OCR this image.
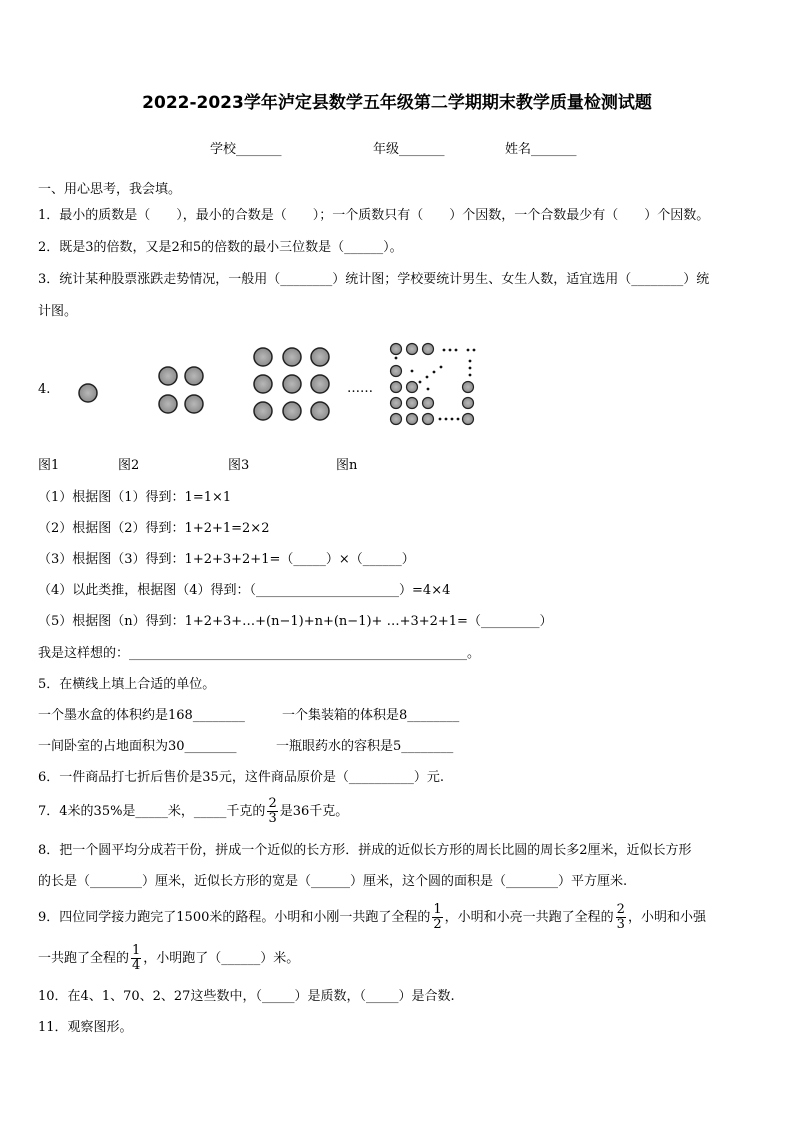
2022-2023学年泸定县数学五年级第二学期期末教学质量检测试题
学校_______	年级_______	姓名_______
一、用心思考，我会填。
1．最小的质数是（　　），最小的合数是（　　）；一个质数只有（　　）个因数，一个合数最少有（　　）个因数。
2．既是3的倍数，又是2和5的倍数的最小三位数是（______）。
3．统计某种股票涨跌走势情况，一般用（________）统计图；学校要统计男生、女生人数，适宜选用（________）统
计图。
4.	……
图1	图2	图3	图n
（1）根据图（1）得到：1=1×1
（2）根据图（2）得到：1+2+1=2×2
（3）根据图（3）得到：1+2+3+2+1=（_____）×（______）
（4）以此类推，根据图（4）得到：（______________________）=4×4
（5）根据图（n）得到：1+2+3+…+(n−1)+n+(n−1)+ …+3+2+1=（_________）
我是这样想的：____________________________________________________。
5．在横线上填上合适的单位。
一个墨水盒的体积约是168________	一个集装箱的体积是8________
一间卧室的占地面积为30________	一瓶眼药水的容积是5________
6．一件商品打七折后售价是35元，这件商品原价是（__________）元.
7．4米的35%是_____米，_____千克的 $\frac{2}{3}$ 是36千克。
8．把一个圆平均分成若干份，拼成一个近似的长方形．拼成的近似长方形的周长比圆的周长多2厘米，近似长方形
的长是（________）厘米，近似长方形的宽是（______）厘米，这个圆的面积是（________）平方厘米.
9．四位同学接力跑完了1500米的路程。小明和小刚一共跑了全程的 $\frac{1}{2}$ ，小明和小亮一共跑了全程的 $\frac{2}{3}$ ，小明和小强
一共跑了全程的 $\frac{1}{4}$ ，小明跑了（______）米。
10．在4、1、70、2、27这些数中，（_____）是质数，（_____）是合数.
11．观察图形。
